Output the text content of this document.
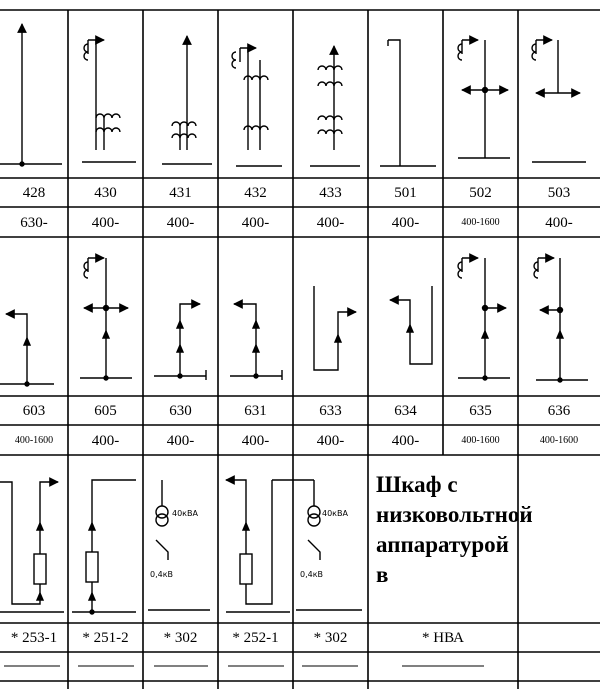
40кВА
0,4кВ
40кВА
0,4кВ
428	430	431	432	433	501	502	503
630-	400-	400-	400-	400-	400-	400-1600	400-
603	605	630	631	633	634	635	636
400-1600	400-	400-	400-	400-	400-	400-1600	400-1600
Шкаф с низковольтной аппаратурой в
* 253-1	* 251-2	* 302	* 252-1	* 302	* НВА
